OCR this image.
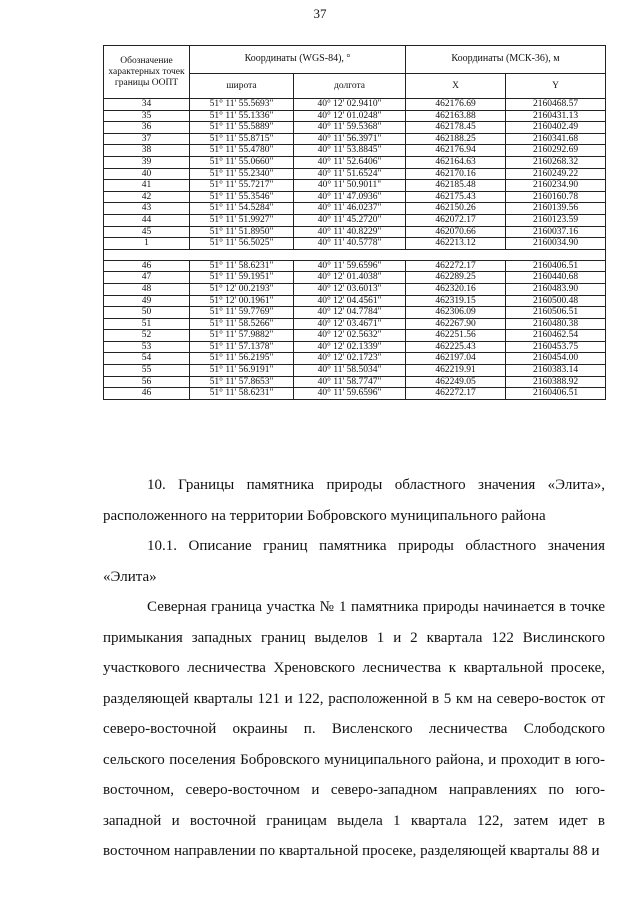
37
Обозначение характерных точек границы ООПТ	Координаты (WGS-84), °		Координаты (МСК-36), м	
	широта	долгота	X	Y
34	51° 11' 55.5693"	40° 12' 02.9410"	462176.69	2160468.57
35	51° 11' 55.1336"	40° 12' 01.0248"	462163.88	2160431.13
36	51° 11' 55.5889"	40° 11' 59.5368"	462178.45	2160402.49
37	51° 11' 55.8715"	40° 11' 56.3971"	462188.25	2160341.68
38	51° 11' 55.4780"	40° 11' 53.8845"	462176.94	2160292.69
39	51° 11' 55.0660"	40° 11' 52.6406"	462164.63	2160268.32
40	51° 11' 55.2340"	40° 11' 51.6524"	462170.16	2160249.22
41	51° 11' 55.7217"	40° 11' 50.9011"	462185.48	2160234.90
42	51° 11' 55.3546"	40° 11' 47.0936"	462175.43	2160160.78
43	51° 11' 54.5284"	40° 11' 46.0237"	462150.26	2160139.56
44	51° 11' 51.9927"	40° 11' 45.2720"	462072.17	2160123.59
45	51° 11' 51.8950"	40° 11' 40.8229"	462070.66	2160037.16
1	51° 11' 56.5025"	40° 11' 40.5778"	462213.12	2160034.90

46	51° 11' 58.6231"	40° 11' 59.6596"	462272.17	2160406.51
47	51° 11' 59.1951"	40° 12' 01.4038"	462289.25	2160440.68
48	51° 12' 00.2193"	40° 12' 03.6013"	462320.16	2160483.90
49	51° 12' 00.1961"	40° 12' 04.4561"	462319.15	2160500.48
50	51° 11' 59.7769"	40° 12' 04.7784"	462306.09	2160506.51
51	51° 11' 58.5266"	40° 12' 03.4671"	462267.90	2160480.38
52	51° 11' 57.9882"	40° 12' 02.5632"	462251.56	2160462.54
53	51° 11' 57.1378"	40° 12' 02.1339"	462225.43	2160453.75
54	51° 11' 56.2195"	40° 12' 02.1723"	462197.04	2160454.00
55	51° 11' 56.9191"	40° 11' 58.5034"	462219.91	2160383.14
56	51° 11' 57.8653"	40° 11' 58.7747"	462249.05	2160388.92
46	51° 11' 58.6231"	40° 11' 59.6596"	462272.17	2160406.51

10. Границы памятника природы областного значения «Элита», расположенного на территории Бобровского муниципального района

10.1. Описание границ памятника природы областного значения «Элита»

Северная граница участка № 1 памятника природы начинается в точке примыкания западных границ выделов 1 и 2 квартала 122 Вислинского участкового лесничества Хреновского лесничества к квартальной просеке, разделяющей кварталы 121 и 122, расположенной в 5 км на северо-восток от северо-восточной окраины п. Висленского лесничества Слободского сельского поселения Бобровского муниципального района, и проходит в юго-восточном, северо-восточном и северо-западном направлениях по юго-западной и восточной границам выдела 1 квартала 122, затем идет в восточном направлении по квартальной просеке, разделяющей кварталы 88 и
